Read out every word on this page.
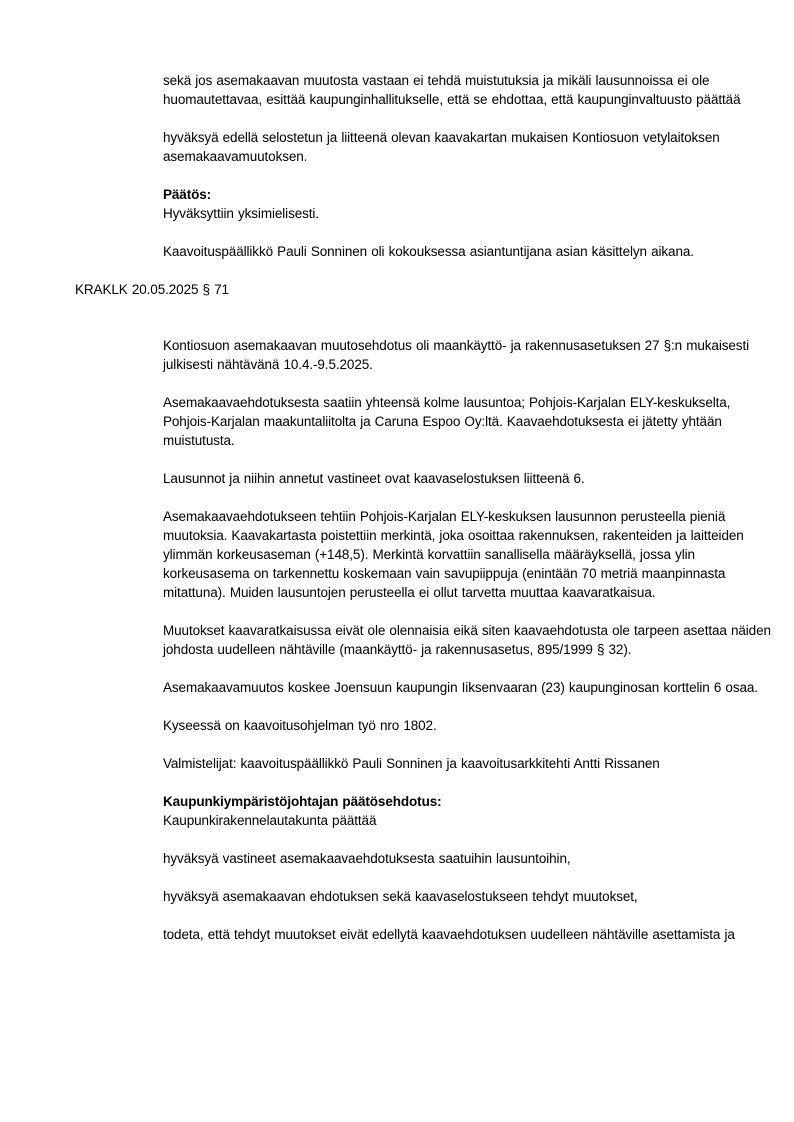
sekä jos asemakaavan muutosta vastaan ei tehdä muistutuksia ja mikäli lausunnoissa ei ole huomautettavaa, esittää kaupunginhallitukselle, että se ehdottaa, että kaupunginvaltuusto päättää
hyväksyä edellä selostetun ja liitteenä olevan kaavakartan mukaisen Kontiosuon vetylaitoksen asemakaavamuutoksen.
Päätös:
Hyväksyttiin yksimielisesti.
Kaavoituspäällikkö Pauli Sonninen oli kokouksessa asiantuntijana asian käsittelyn aikana.
KRAKLK 20.05.2025 § 71
Kontiosuon asemakaavan muutosehdotus oli maankäyttö- ja rakennusasetuksen 27 §:n mukaisesti julkisesti nähtävänä 10.4.-9.5.2025.
Asemakaavaehdotuksesta saatiin yhteensä kolme lausuntoa; Pohjois-Karjalan ELY-keskukselta, Pohjois-Karjalan maakuntaliitolta ja Caruna Espoo Oy:ltä. Kaavaehdotuksesta ei jätetty yhtään muistutusta.
Lausunnot ja niihin annetut vastineet ovat kaavaselostuksen liitteenä 6.
Asemakaavaehdotukseen tehtiin Pohjois-Karjalan ELY-keskuksen lausunnon perusteella pieniä muutoksia. Kaavakartasta poistettiin merkintä, joka osoittaa rakennuksen, rakenteiden ja laitteiden ylimmän korkeusaseman (+148,5). Merkintä korvattiin sanallisella määräyksellä, jossa ylin korkeusasema on tarkennettu koskemaan vain savupiippuja (enintään 70 metriä maanpinnasta mitattuna). Muiden lausuntojen perusteella ei ollut tarvetta muuttaa kaavaratkaisua.
Muutokset kaavaratkaisussa eivät ole olennaisia eikä siten kaavaehdotusta ole tarpeen asettaa näiden johdosta uudelleen nähtäville (maankäyttö- ja rakennusasetus, 895/1999 § 32).
Asemakaavamuutos koskee Joensuun kaupungin Iiksenvaaran (23) kaupunginosan korttelin 6 osaa.
Kyseessä on kaavoitusohjelman työ nro 1802.
Valmistelijat: kaavoituspäällikkö Pauli Sonninen ja kaavoitusarkkitehti Antti Rissanen
Kaupunkiympäristöjohtajan päätösehdotus:
Kaupunkirakennelautakunta päättää
hyväksyä vastineet asemakaavaehdotuksesta saatuihin lausuntoihin,
hyväksyä asemakaavan ehdotuksen sekä kaavaselostukseen tehdyt muutokset,
todeta, että tehdyt muutokset eivät edellytä kaavaehdotuksen uudelleen nähtäville asettamista ja
